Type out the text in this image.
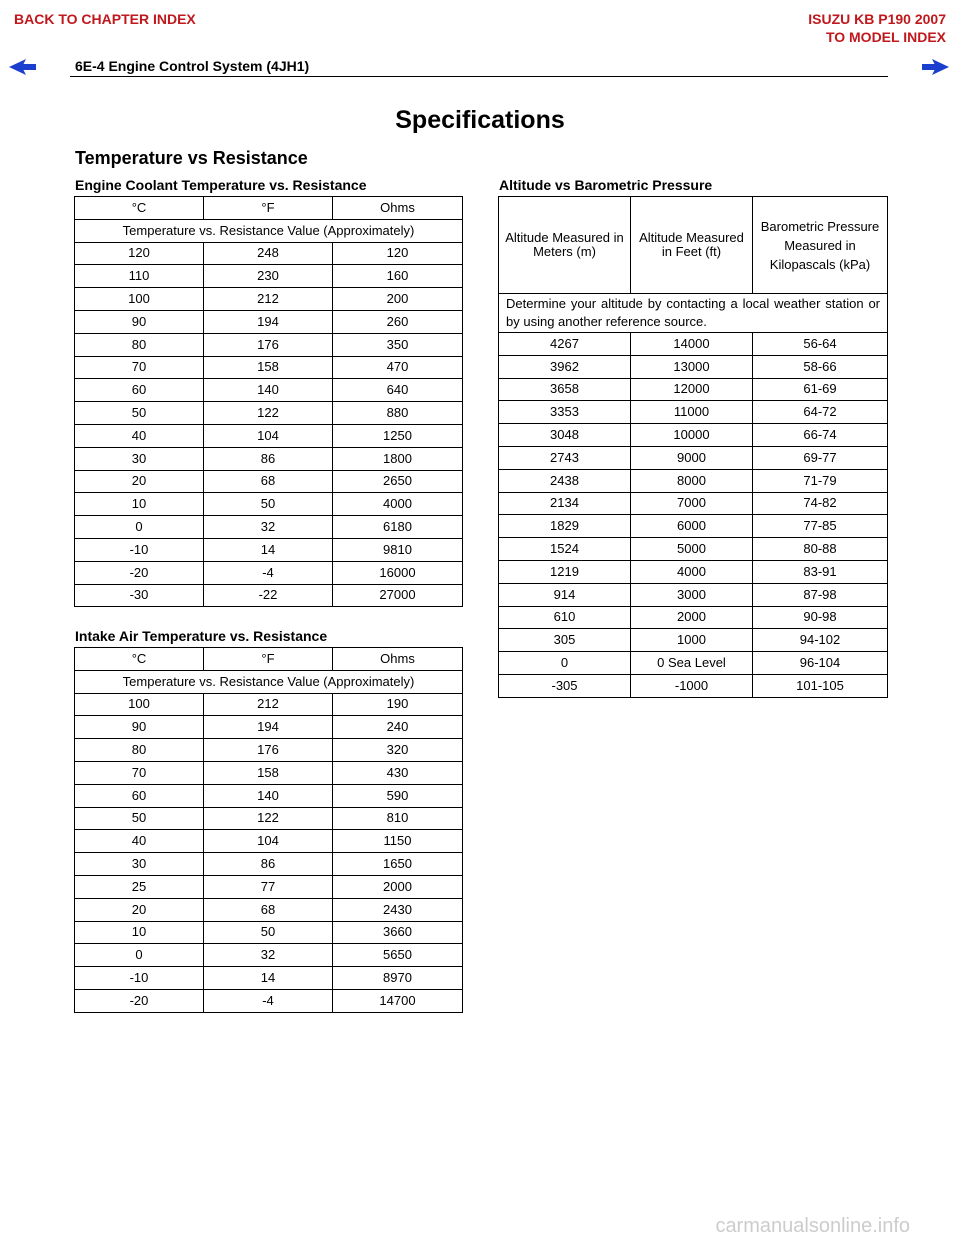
BACK TO CHAPTER INDEX	ISUZU KB P190 2007
TO MODEL INDEX
6E-4 Engine Control System (4JH1)
Specifications
Temperature vs Resistance
Engine Coolant Temperature vs. Resistance
°C	°F	Ohms
Temperature vs. Resistance Value (Approximately)		
120	248	120
110	230	160
100	212	200
90	194	260
80	176	350
70	158	470
60	140	640
50	122	880
40	104	1250
30	86	1800
20	68	2650
10	50	4000
0	32	6180
-10	14	9810
-20	-4	16000
-30	-22	27000
Intake Air Temperature vs. Resistance
°C	°F	Ohms
Temperature vs. Resistance Value (Approximately)		
100	212	190
90	194	240
80	176	320
70	158	430
60	140	590
50	122	810
40	104	1150
30	86	1650
25	77	2000
20	68	2430
10	50	3660
0	32	5650
-10	14	8970
-20	-4	14700
Altitude vs Barometric Pressure
Altitude Measured in Meters (m)	Altitude Measured in Feet (ft)	Barometric Pressure Measured in Kilopascals (kPa)
Determine your altitude by contacting a local weather station or by using another reference source.		
4267	14000	56-64
3962	13000	58-66
3658	12000	61-69
3353	11000	64-72
3048	10000	66-74
2743	9000	69-77
2438	8000	71-79
2134	7000	74-82
1829	6000	77-85
1524	5000	80-88
1219	4000	83-91
914	3000	87-98
610	2000	90-98
305	1000	94-102
0	0 Sea Level	96-104
-305	-1000	101-105
carmanualsonline.info
